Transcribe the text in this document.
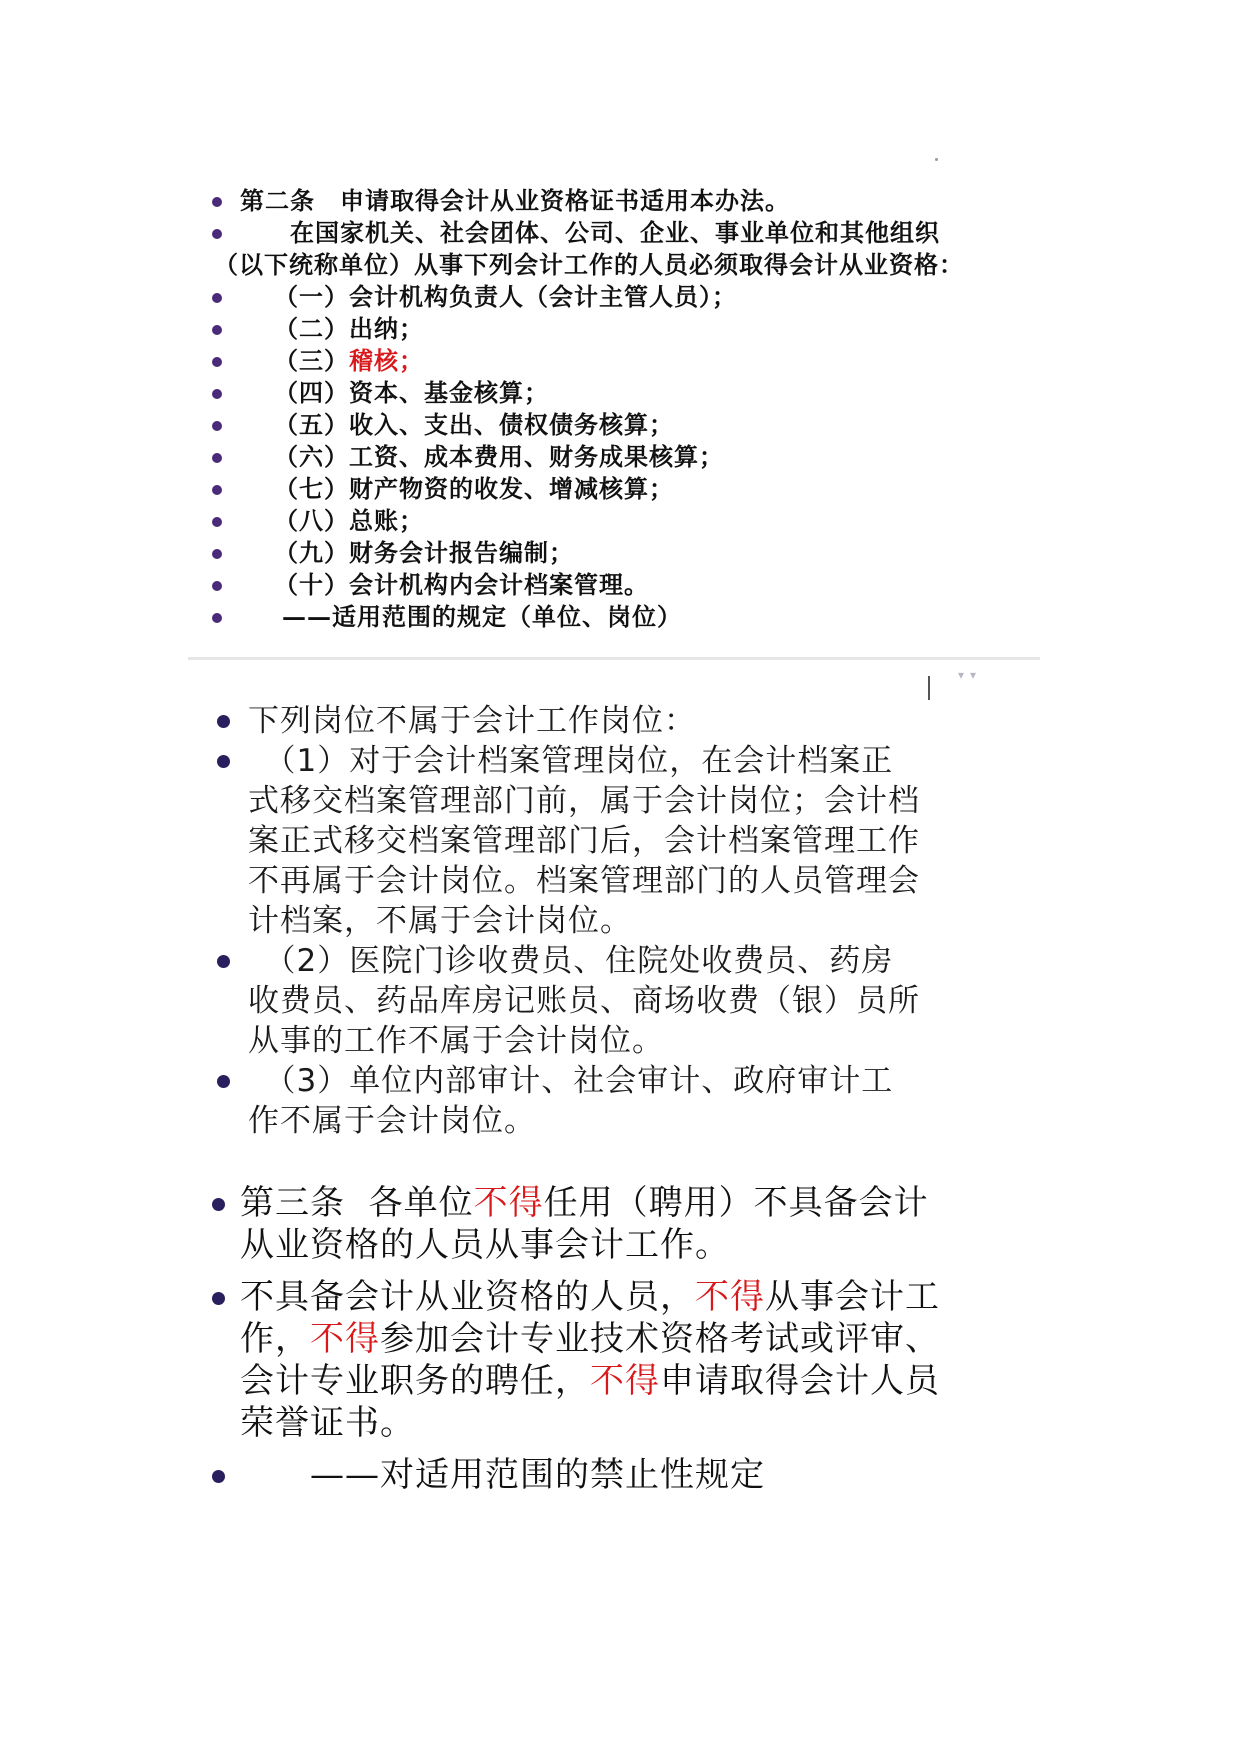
第二条　申请取得会计从业资格证书适用本办法。
　　在国家机关、社会团体、公司、企业、事业单位和其他组织
（以下统称单位）从事下列会计工作的人员必须取得会计从业资格：
（一）会计机构负责人（会计主管人员）；
（二）出纳；
（三）稽核；
（四）资本、基金核算；
（五）收入、支出、债权债务核算；
（六）工资、成本费用、财务成果核算；
（七）财产物资的收发、增减核算；
（八）总账；
（九）财务会计报告编制；
（十）会计机构内会计档案管理。
——适用范围的规定（单位、岗位）
▾▾
下列岗位不属于会计工作岗位：
　（1）对于会计档案管理岗位，在会计档案正
式移交档案管理部门前，属于会计岗位；会计档
案正式移交档案管理部门后，会计档案管理工作
不再属于会计岗位。档案管理部门的人员管理会
计档案，不属于会计岗位。
　（2）医院门诊收费员、住院处收费员、药房
收费员、药品库房记账员、商场收费（银）员所
从事的工作不属于会计岗位。
　（3）单位内部审计、社会审计、政府审计工
作不属于会计岗位。
第三条 各单位不得任用（聘用）不具备会计
从业资格的人员从事会计工作。
不具备会计从业资格的人员，不得从事会计工
作，不得参加会计专业技术资格考试或评审、
会计专业职务的聘任，不得申请取得会计人员
荣誉证书。
——对适用范围的禁止性规定
